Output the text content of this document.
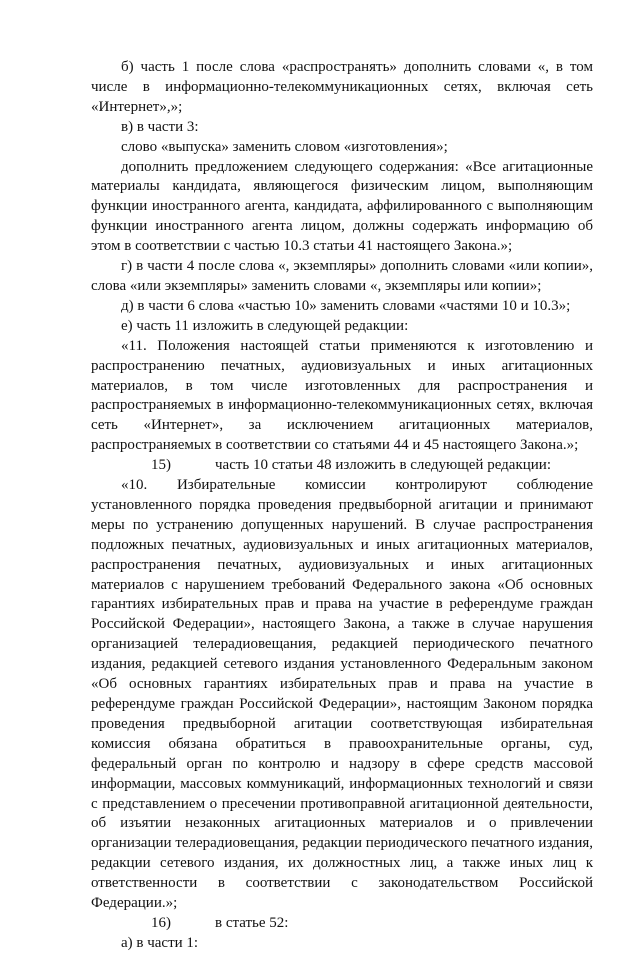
б) часть 1 после слова «распространять» дополнить словами «, в том числе в информационно-телекоммуникационных сетях, включая сеть «Интернет»,»;

в) в части 3:

слово «выпуска» заменить словом «изготовления»;

дополнить предложением следующего содержания: «Все агитационные материалы кандидата, являющегося физическим лицом, выполняющим функции иностранного агента, кандидата, аффилированного с выполняющим функции иностранного агента лицом, должны содержать информацию об этом в соответствии с частью 10.3 статьи 41 настоящего Закона.»;

г) в части 4 после слова «, экземпляры» дополнить словами «или копии», слова «или экземпляры» заменить словами «, экземпляры или копии»;

д) в части 6 слова «частью 10» заменить словами «частями 10 и 10.3»;

е) часть 11 изложить в следующей редакции:

«11. Положения настоящей статьи применяются к изготовлению и распространению печатных, аудиовизуальных и иных агитационных материалов, в том числе изготовленных для распространения и распространяемых в информационно-телекоммуникационных сетях, включая сеть «Интернет», за исключением агитационных материалов, распространяемых в соответствии со статьями 44 и 45 настоящего Закона.»;

15)	часть 10 статьи 48 изложить в следующей редакции:

«10. Избирательные комиссии контролируют соблюдение установленного порядка проведения предвыборной агитации и принимают меры по устранению допущенных нарушений. В случае распространения подложных печатных, аудиовизуальных и иных агитационных материалов, распространения печатных, аудиовизуальных и иных агитационных материалов с нарушением требований Федерального закона «Об основных гарантиях избирательных прав и права на участие в референдуме граждан Российской Федерации», настоящего Закона, а также в случае нарушения организацией телерадиовещания, редакцией периодического печатного издания, редакцией сетевого издания установленного Федеральным законом «Об основных гарантиях избирательных прав и права на участие в референдуме граждан Российской Федерации», настоящим Законом порядка проведения предвыборной агитации соответствующая избирательная комиссия обязана обратиться в правоохранительные органы, суд, федеральный орган по контролю и надзору в сфере средств массовой информации, массовых коммуникаций, информационных технологий и связи с представлением о пресечении противоправной агитационной деятельности, об изъятии незаконных агитационных материалов и о привлечении организации телерадиовещания, редакции периодического печатного издания, редакции сетевого издания, их должностных лиц, а также иных лиц к ответственности в соответствии с законодательством Российской Федерации.»;

16)	в статье 52:

а) в части 1:
